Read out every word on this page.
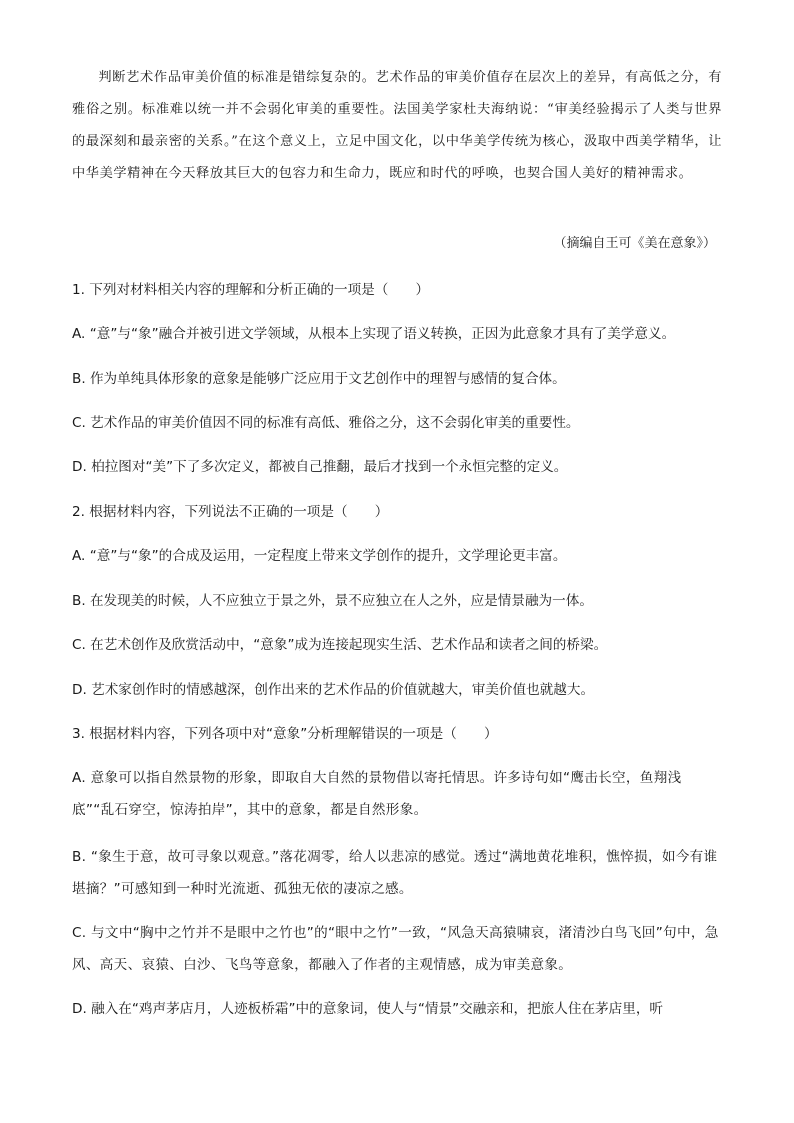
判断艺术作品审美价值的标准是错综复杂的。艺术作品的审美价值存在层次上的差异，有高低之分，有雅俗之别。标准难以统一并不会弱化审美的重要性。法国美学家杜夫海纳说：“审美经验揭示了人类与世界的最深刻和最亲密的关系。”在这个意义上，立足中国文化，以中华美学传统为核心，汲取中西美学精华，让中华美学精神在今天释放其巨大的包容力和生命力，既应和时代的呼唤，也契合国人美好的精神需求。

（摘编自王可《美在意象》）

1. 下列对材料相关内容的理解和分析正确的一项是（　　）

A. “意”与“象”融合并被引进文学领域，从根本上实现了语义转换，正因为此意象才具有了美学意义。

B. 作为单纯具体形象的意象是能够广泛应用于文艺创作中的理智与感情的复合体。

C. 艺术作品的审美价值因不同的标准有高低、雅俗之分，这不会弱化审美的重要性。

D. 柏拉图对“美”下了多次定义，都被自己推翻，最后才找到一个永恒完整的定义。

2. 根据材料内容，下列说法不正确的一项是（　　）

A. “意”与“象”的合成及运用，一定程度上带来文学创作的提升，文学理论更丰富。

B. 在发现美的时候，人不应独立于景之外，景不应独立在人之外，应是情景融为一体。

C. 在艺术创作及欣赏活动中，“意象”成为连接起现实生活、艺术作品和读者之间的桥梁。

D. 艺术家创作时的情感越深，创作出来的艺术作品的价值就越大，审美价值也就越大。

3. 根据材料内容，下列各项中对“意象”分析理解错误的一项是（　　）

A. 意象可以指自然景物的形象，即取自大自然的景物借以寄托情思。许多诗句如“鹰击长空，鱼翔浅底”“乱石穿空，惊涛拍岸”，其中的意象，都是自然形象。

B. “象生于意，故可寻象以观意。”落花凋零，给人以悲凉的感觉。透过“满地黄花堆积，憔悴损，如今有谁堪摘？”可感知到一种时光流逝、孤独无依的凄凉之感。

C. 与文中“胸中之竹并不是眼中之竹也”的“眼中之竹”一致，“风急天高猿啸哀，渚清沙白鸟飞回”句中，急风、高天、哀猿、白沙、飞鸟等意象，都融入了作者的主观情感，成为审美意象。

D. 融入在“鸡声茅店月，人迹板桥霜”中的意象词，使人与“情景”交融亲和，把旅人住在茅店里，听
